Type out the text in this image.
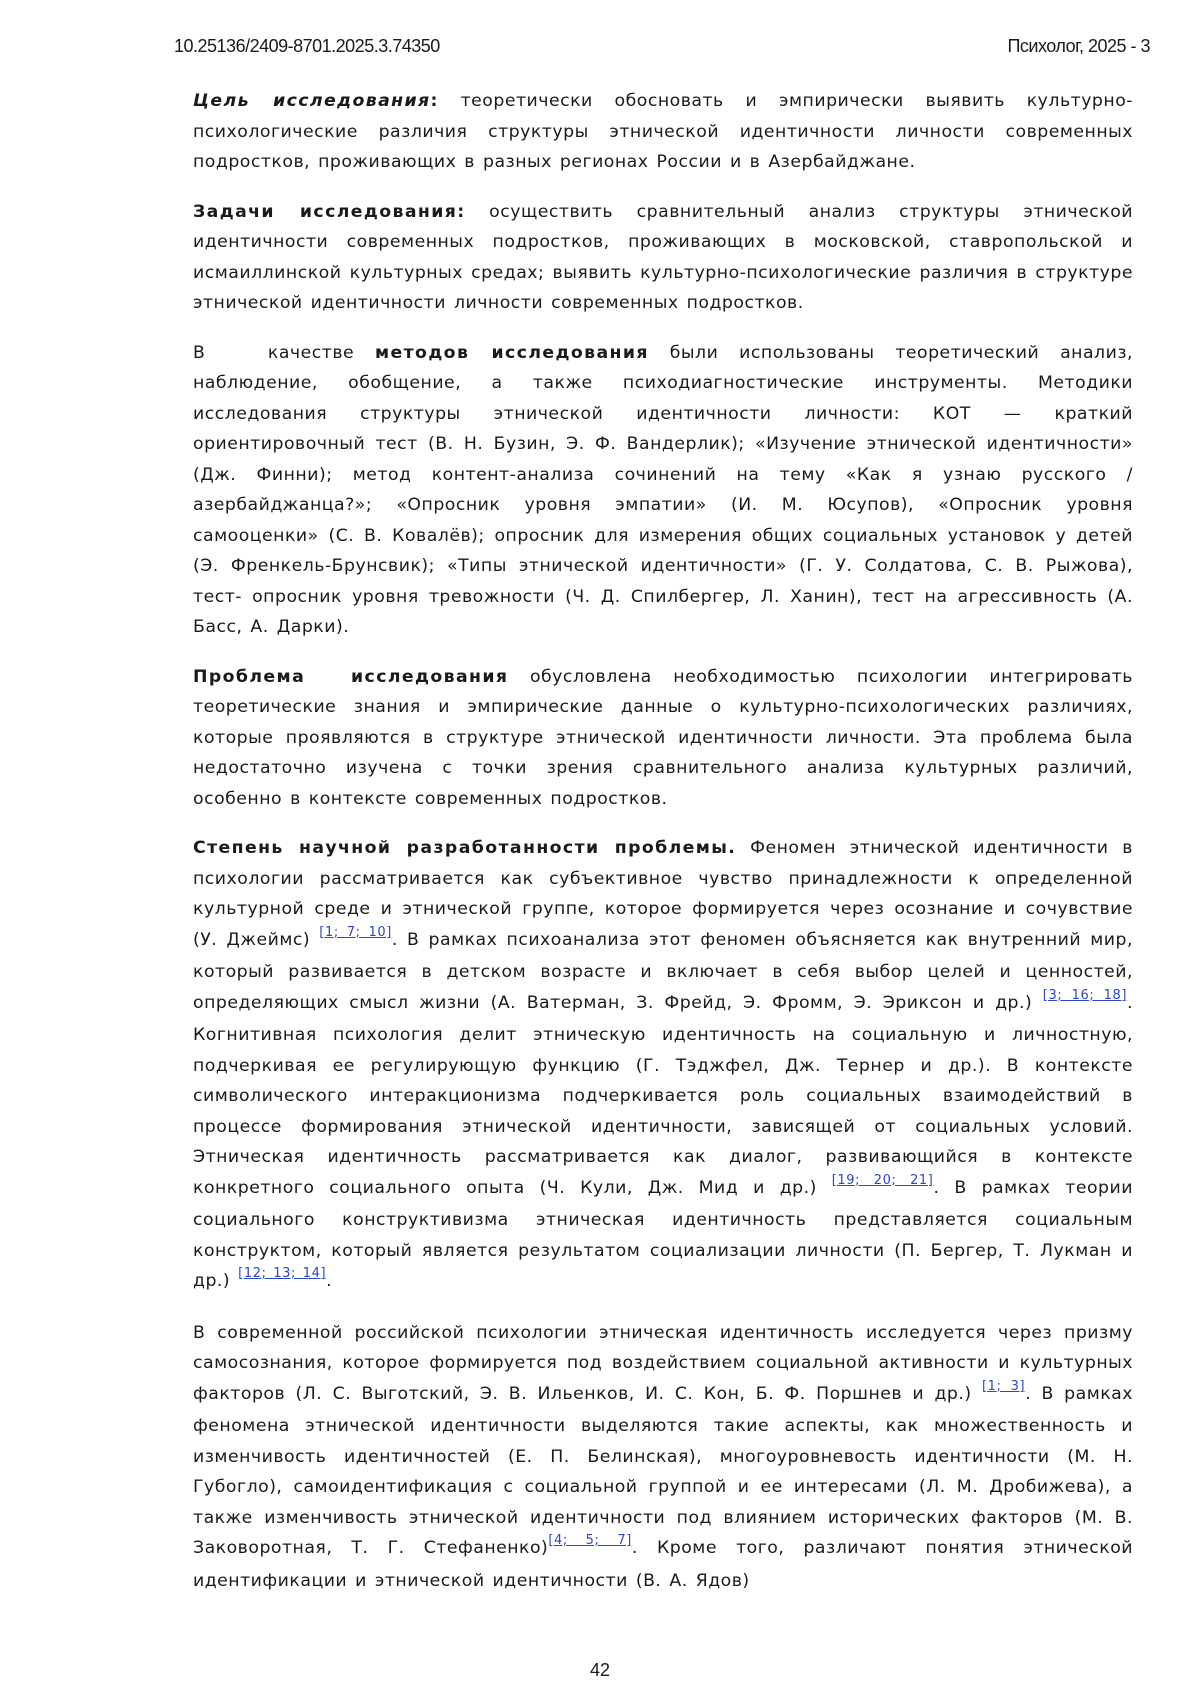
10.25136/2409-8701.2025.3.74350	Психолог, 2025 - 3

Цель исследования: теоретически обосновать и эмпирически выявить культурно-психологические различия структуры этнической идентичности личности современных подростков, проживающих в разных регионах России и в Азербайджане.

Задачи исследования: осуществить сравнительный анализ структуры этнической идентичности современных подростков, проживающих в московской, ставропольской и исмаиллинской культурных средах; выявить культурно-психологические различия в структуре этнической идентичности личности современных подростков.

В   качестве методов исследования были использованы теоретический анализ, наблюдение, обобщение, а также психодиагностические инструменты. Методики исследования структуры этнической идентичности личности: КОТ — краткий ориентировочный тест (В. Н. Бузин, Э. Ф. Вандерлик); «Изучение этнической идентичности» (Дж. Финни); метод контент-анализа сочинений на тему «Как я узнаю русского / азербайджанца?»; «Опросник уровня эмпатии» (И. М. Юсупов), «Опросник уровня самооценки» (С. В. Ковалёв); опросник для измерения общих социальных установок у детей (Э. Френкель-Брунсвик); «Типы этнической идентичности» (Г. У. Солдатова, С. В. Рыжова), тест- опросник уровня тревожности (Ч. Д. Спилбергер, Л. Ханин), тест на агрессивность (А. Басс, А. Дарки).

Проблема  исследования обусловлена необходимостью психологии интегрировать теоретические знания и эмпирические данные о культурно-психологических различиях, которые проявляются в структуре этнической идентичности личности. Эта проблема была недостаточно изучена с точки зрения сравнительного анализа культурных различий, особенно в контексте современных подростков.

Степень научной разработанности проблемы. Феномен этнической идентичности в психологии рассматривается как субъективное чувство принадлежности к определенной культурной среде и этнической группе, которое формируется через осознание и сочувствие (У. Джеймс) [1; 7; 10]. В рамках психоанализа этот феномен объясняется как внутренний мир, который развивается в детском возрасте и включает в себя выбор целей и ценностей, определяющих смысл жизни (А. Ватерман, З. Фрейд, Э. Фромм, Э. Эриксон и др.) [3; 16; 18]. Когнитивная психология делит этническую идентичность на социальную и личностную, подчеркивая ее регулирующую функцию (Г. Тэджфел, Дж. Тернер и др.). В контексте символического интеракционизма подчеркивается роль социальных взаимодействий в процессе формирования этнической идентичности, зависящей от социальных условий. Этническая идентичность рассматривается как диалог, развивающийся в контексте конкретного социального опыта (Ч. Кули, Дж. Мид и др.) [19; 20; 21]. В рамках теории социального конструктивизма этническая идентичность представляется социальным конструктом, который является результатом социализации личности (П. Бергер, Т. Лукман и др.) [12; 13; 14].

В современной российской психологии этническая идентичность исследуется через призму самосознания, которое формируется под воздействием социальной активности и культурных факторов (Л. С. Выготский, Э. В. Ильенков, И. С. Кон, Б. Ф. Поршнев и др.) [1; 3]. В рамках феномена этнической идентичности выделяются такие аспекты, как множественность и изменчивость идентичностей (Е. П. Белинская), многоуровневость идентичности (М. Н. Губогло), самоидентификация с социальной группой и ее интересами (Л. М. Дробижева), а также изменчивость этнической идентичности под влиянием исторических факторов (М. В. Заковоротная, Т. Г. Стефаненко)[4; 5; 7]. Кроме того, различают понятия этнической идентификации и этнической идентичности (В. А. Ядов)

42
